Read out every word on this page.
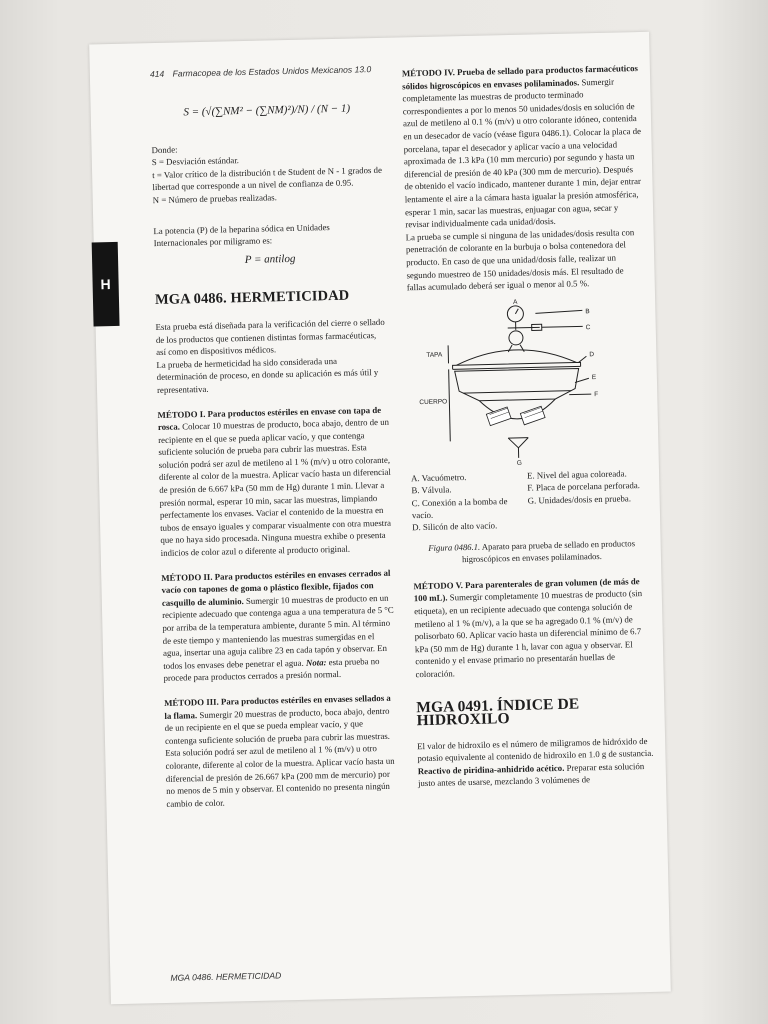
H
414 Farmacopea de los Estados Unidos Mexicanos 13.0
S = (√(∑NM² − (∑NM)²)/N) / (N − 1)

Donde:

S = Desviación estándar.

t = Valor crítico de la distribución t de Student de N - 1 grados de libertad que corresponde a un nivel de confianza de 0.95.

N = Número de pruebas realizadas.

La potencia (P) de la heparina sódica en Unidades Internacionales por miligramo es:

P = antilog
MGA 0486. HERMETICIDAD

Esta prueba está diseñada para la verificación del cierre o sellado de los productos que contienen distintas formas farmacéuticas, así como en dispositivos médicos.

La prueba de hermeticidad ha sido considerada una determinación de proceso, en donde su aplicación es más útil y representativa.

MÉTODO I. Para productos estériles en envase con tapa de rosca. Colocar 10 muestras de producto, boca abajo, dentro de un recipiente en el que se pueda aplicar vacío, y que contenga suficiente solución de prueba para cubrir las muestras. Esta solución podrá ser azul de metileno al 1 % (m/v) u otro colorante, diferente al color de la muestra. Aplicar vacío hasta un diferencial de presión de 6.667 kPa (50 mm de Hg) durante 1 min. Llevar a presión normal, esperar 10 min, sacar las muestras, limpiando perfectamente los envases. Vaciar el contenido de la muestra en tubos de ensayo iguales y comparar visualmente con otra muestra que no haya sido procesada. Ninguna muestra exhibe o presenta indicios de color azul o diferente al producto original.

MÉTODO II. Para productos estériles en envases cerrados al vacío con tapones de goma o plástico flexible, fijados con casquillo de aluminio. Sumergir 10 muestras de producto en un recipiente adecuado que contenga agua a una temperatura de 5 °C por arriba de la temperatura ambiente, durante 5 min. Al término de este tiempo y manteniendo las muestras sumergidas en el agua, insertar una aguja calibre 23 en cada tapón y observar. En todos los envases debe penetrar el agua. Nota: esta prueba no procede para productos cerrados a presión normal.

MÉTODO III. Para productos estériles en envases sellados a la flama. Sumergir 20 muestras de producto, boca abajo, dentro de un recipiente en el que se pueda emplear vacío, y que contenga suficiente solución de prueba para cubrir las muestras. Esta solución podrá ser azul de metileno al 1 % (m/v) u otro colorante, diferente al color de la muestra. Aplicar vacío hasta un diferencial de presión de 26.667 kPa (200 mm de mercurio) por no menos de 5 min y observar. El contenido no presenta ningún cambio de color.

MÉTODO IV. Prueba de sellado para productos farmacéuticos sólidos higroscópicos en envases polilaminados. Sumergir completamente las muestras de producto terminado correspondientes a por lo menos 50 unidades/dosis en solución de azul de metileno al 0.1 % (m/v) u otro colorante idóneo, contenida en un desecador de vacío (véase figura 0486.1). Colocar la placa de porcelana, tapar el desecador y aplicar vacío a una velocidad aproximada de 1.3 kPa (10 mm mercurio) por segundo y hasta un diferencial de presión de 40 kPa (300 mm de mercurio). Después de obtenido el vacío indicado, mantener durante 1 min, dejar entrar lentamente el aire a la cámara hasta igualar la presión atmosférica, esperar 1 min, sacar las muestras, enjuagar con agua, secar y revisar individualmente cada unidad/dosis.

La prueba se cumple si ninguna de las unidades/dosis resulta con penetración de colorante en la burbuja o bolsa contenedora del producto. En caso de que una unidad/dosis falle, realizar un segundo muestreo de 150 unidades/dosis más. El resultado de fallas acumulado deberá ser igual o menor al 0.5 %.

TAPA
CUERPO
A
B
C
D
E
F
G
A. Vacuómetro.
B. Válvula.
C. Conexión a la bomba de vacío.
D. Silicón de alto vacío.
E. Nivel del agua coloreada.
F. Placa de porcelana perforada.
G. Unidades/dosis en prueba.
Figura 0486.1. Aparato para prueba de sellado en productos higroscópicos en envases polilaminados.

MÉTODO V. Para parenterales de gran volumen (de más de 100 mL). Sumergir completamente 10 muestras de producto (sin etiqueta), en un recipiente adecuado que contenga solución de metileno al 1 % (m/v), a la que se ha agregado 0.1 % (m/v) de polisorbato 60. Aplicar vacío hasta un diferencial mínimo de 6.7 kPa (50 mm de Hg) durante 1 h, lavar con agua y observar. El contenido y el envase primario no presentarán huellas de coloración.

MGA 0491. ÍNDICE DE HIDROXILO

El valor de hidroxilo es el número de miligramos de hidróxido de potasio equivalente al contenido de hidroxilo en 1.0 g de sustancia.

Reactivo de piridina-anhidrido acético. Preparar esta solución justo antes de usarse, mezclando 3 volúmenes de

MGA 0486. HERMETICIDAD
